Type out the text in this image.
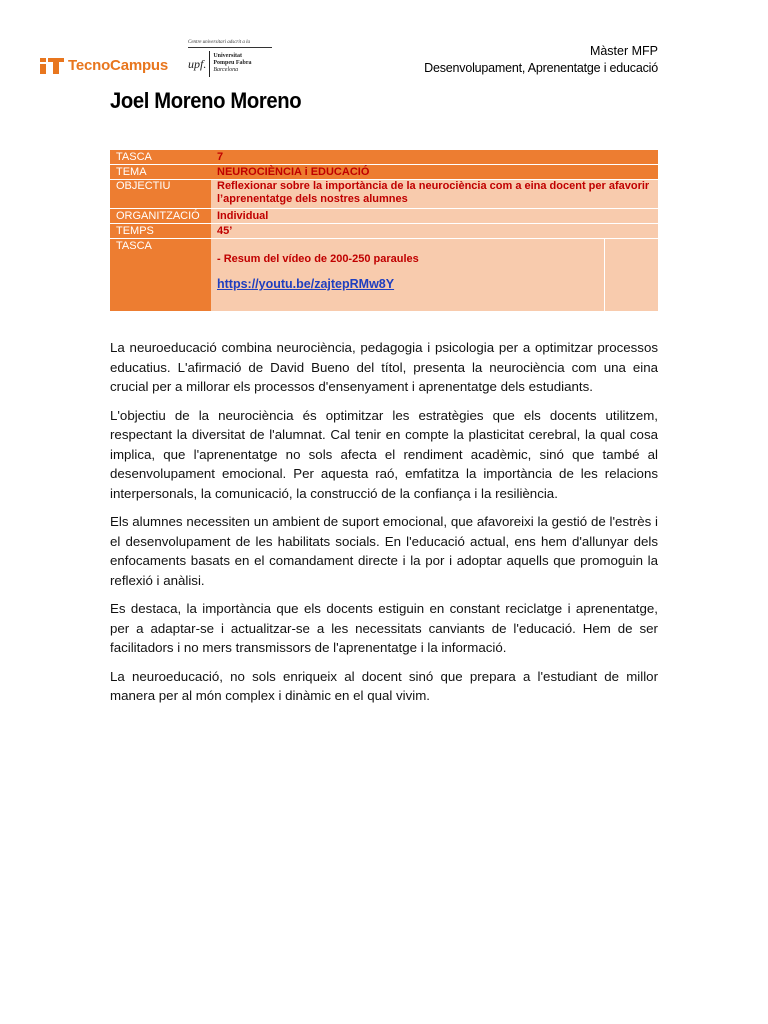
TecnoCampus
Centre universitari adscrit a la
upf.
Universitat
Pompeu Fabra
Barcelona
Màster MFP
Desenvolupament, Aprenentatge i educació
Joel Moreno Moreno
TASCA	7
TEMA	NEUROCIÈNCIA i EDUCACIÓ
OBJECTIU	Reflexionar sobre la importància de la neurociència com a eina docent per afavorir l’aprenentatge dels nostres alumnes
ORGANITZACIÓ	Individual
TEMPS	45’
TASCA	- Resum del vídeo de 200-250 paraules
https://youtu.be/zajtepRMw8Y

La neuroeducació combina neurociència, pedagogia i psicologia per a optimitzar processos educatius. L'afirmació de David Bueno del títol, presenta la neurociència com una eina crucial per a millorar els processos d'ensenyament i aprenentatge dels estudiants.

L'objectiu de la neurociència és optimitzar les estratègies que els docents utilitzem, respectant la diversitat de l'alumnat. Cal tenir en compte la plasticitat cerebral, la qual cosa implica, que l'aprenentatge no sols afecta el rendiment acadèmic, sinó que també al desenvolupament emocional. Per aquesta raó, emfatitza la importància de les relacions interpersonals, la comunicació, la construcció de la confiança i la resiliència.

Els alumnes necessiten un ambient de suport emocional, que afavoreixi la gestió de l'estrès i el desenvolupament de les habilitats socials. En l'educació actual, ens hem d'allunyar dels enfocaments basats en el comandament directe i la por i adoptar aquells que promoguin la reflexió i anàlisi.

Es destaca, la importància que els docents estiguin en constant reciclatge i aprenentatge, per a adaptar-se i actualitzar-se a les necessitats canviants de l'educació. Hem de ser facilitadors i no mers transmissors de l'aprenentatge i la informació.

La neuroeducació, no sols enriqueix al docent sinó que prepara a l'estudiant de millor manera per al món complex i dinàmic en el qual vivim.
